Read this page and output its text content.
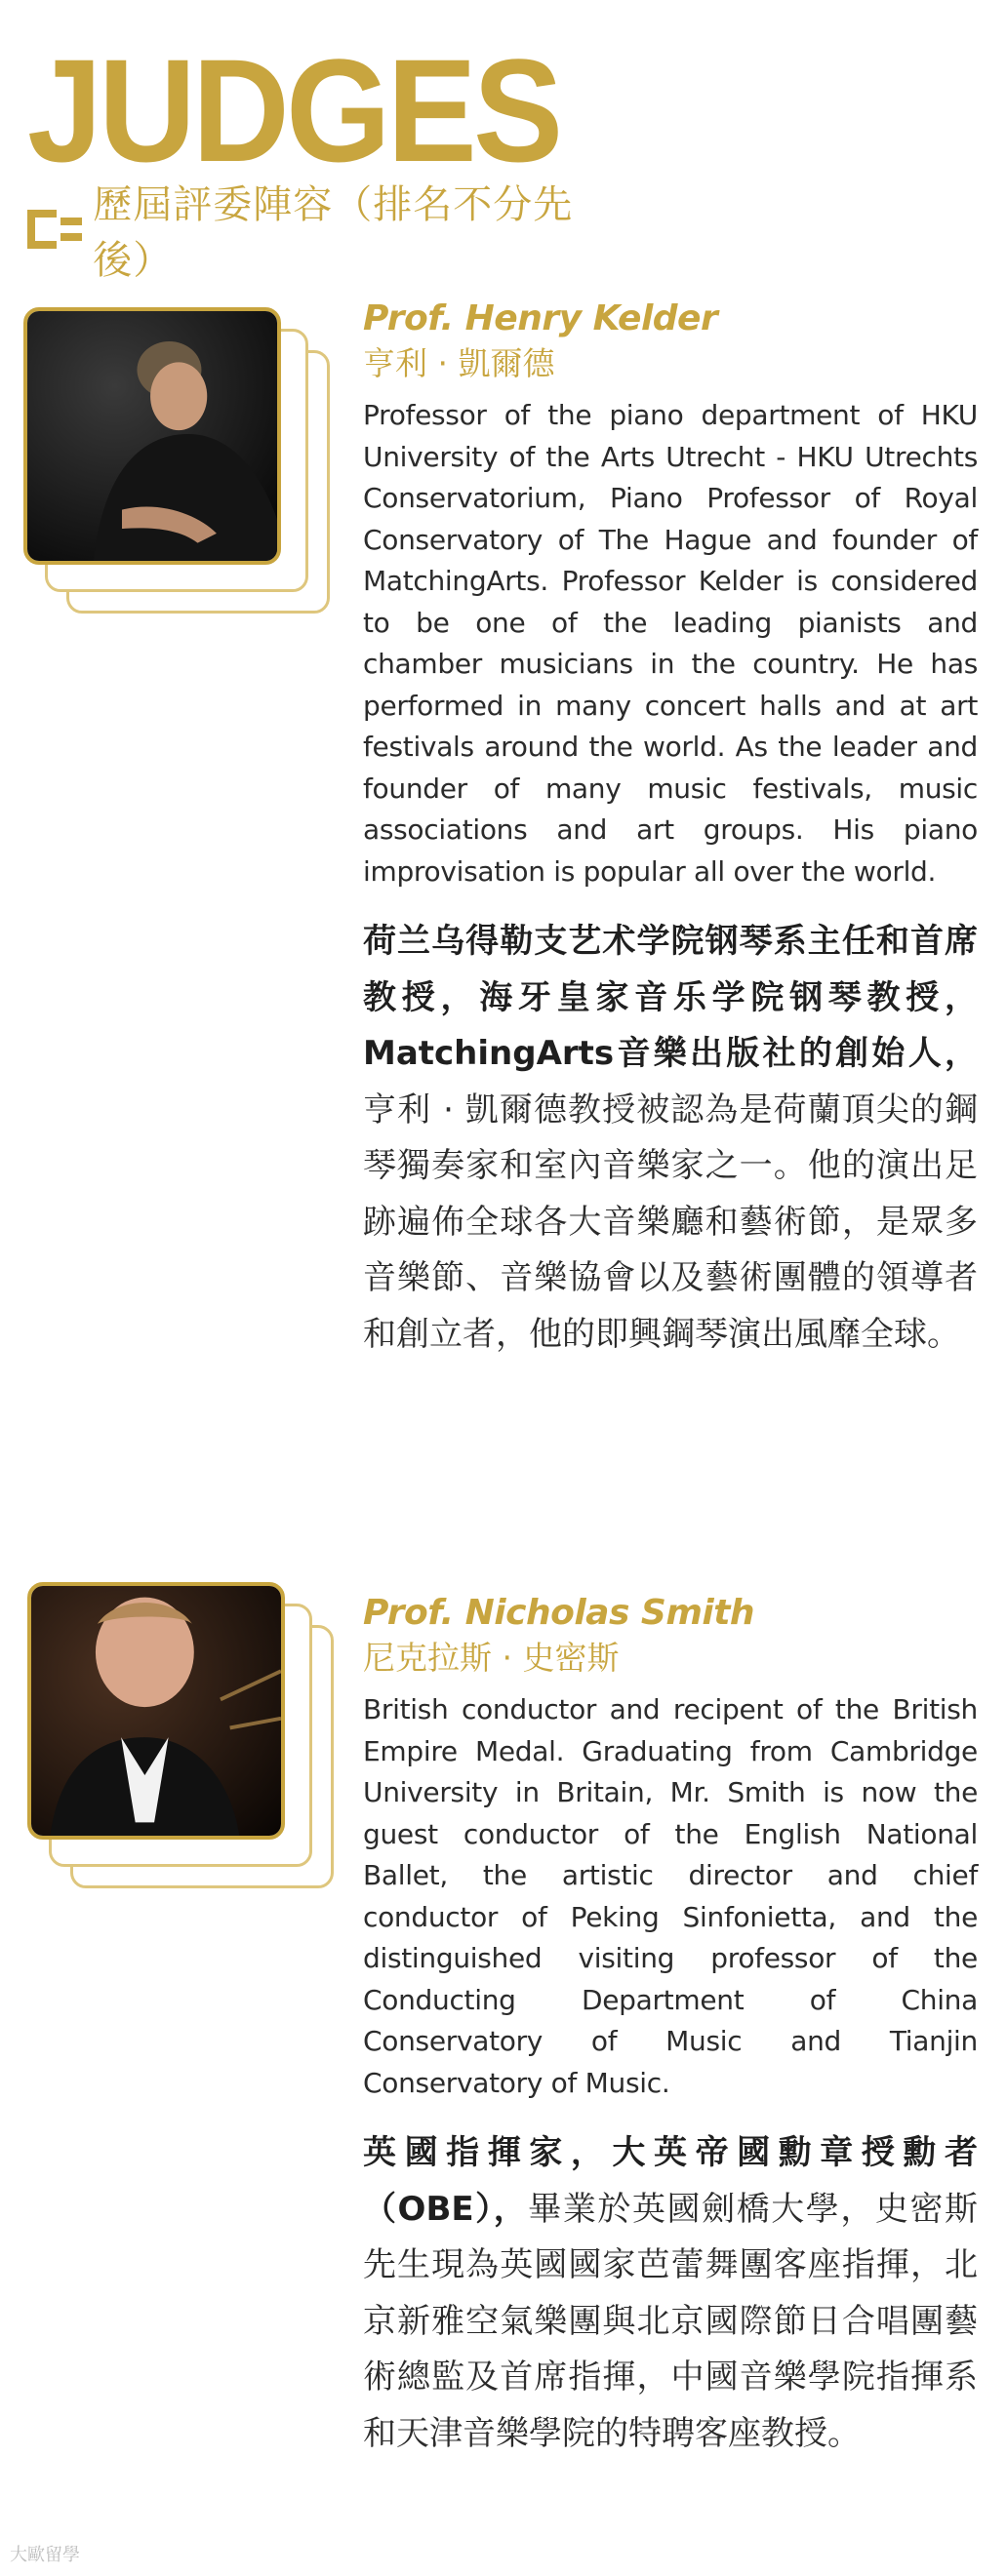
JUDGES
歷屆評委陣容（排名不分先後）
Prof. Henry Kelder
亨利 · 凱爾德
Professor of the piano department of HKU University of the Arts Utrecht - HKU Utrechts Conservatorium, Piano Professor of Royal Conservatory of The Hague and founder of MatchingArts. Professor Kelder is considered to be one of the leading pianists and chamber musicians in the country. He has performed in many concert halls and at art festivals around the world. As the leader and founder of many music festivals, music associations and art groups. His piano improvisation is popular all over the world.
荷兰乌得勒支艺术学院钢琴系主任和首席教授，海牙皇家音乐学院钢琴教授，MatchingArts音樂出版社的創始人，亨利 · 凱爾德教授被認為是荷蘭頂尖的鋼琴獨奏家和室內音樂家之一。他的演出足跡遍佈全球各大音樂廳和藝術節，是眾多音樂節、音樂協會以及藝術團體的領導者和創立者，他的即興鋼琴演出風靡全球。
Prof. Nicholas Smith
尼克拉斯 · 史密斯
British conductor and recipent of the British Empire Medal. Graduating from Cambridge University in Britain, Mr. Smith is now the guest conductor of the English National Ballet, the artistic director and chief conductor of Peking Sinfonietta, and the distinguished visiting professor of the Conducting Department of China Conservatory of Music and Tianjin Conservatory of Music.
英國指揮家，大英帝國勳章授勳者（OBE），畢業於英國劍橋大學，史密斯先生現為英國國家芭蕾舞團客座指揮，北京新雅空氣樂團與北京國際節日合唱團藝術總監及首席指揮，中國音樂學院指揮系和天津音樂學院的特聘客座教授。
大歐留學
